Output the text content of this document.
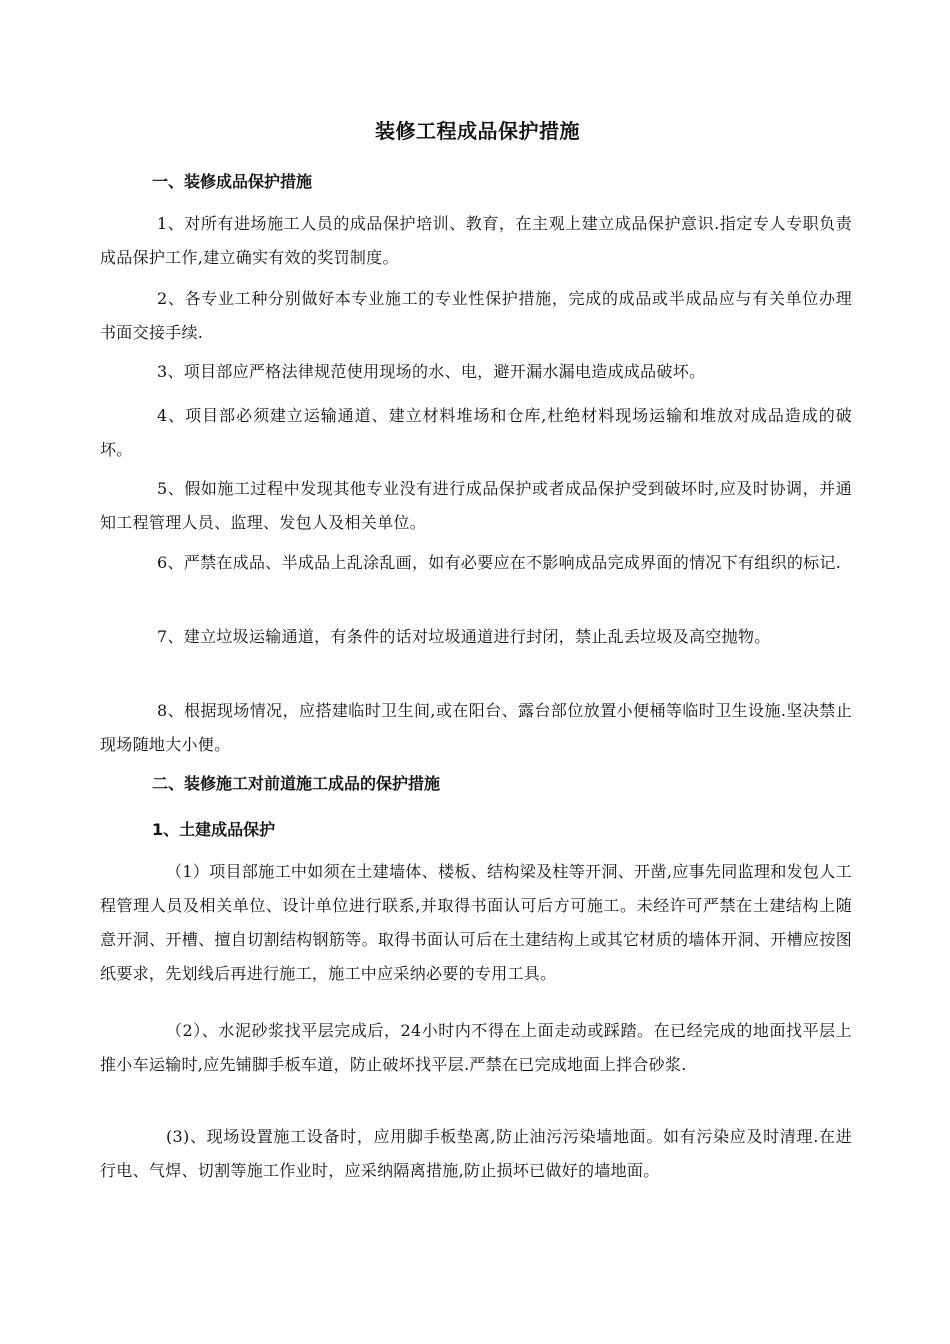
装修工程成品保护措施
一、装修成品保护措施
1、对所有进场施工人员的成品保护培训、教育，在主观上建立成品保护意识.指定专人专职负责成品保护工作,建立确实有效的奖罚制度。
2、各专业工种分别做好本专业施工的专业性保护措施，完成的成品或半成品应与有关单位办理书面交接手续.
3、项目部应严格法律规范使用现场的水、电，避开漏水漏电造成成品破坏。
4、项目部必须建立运输通道、建立材料堆场和仓库,杜绝材料现场运输和堆放对成品造成的破坏。
5、假如施工过程中发现其他专业没有进行成品保护或者成品保护受到破坏时,应及时协调，并通知工程管理人员、监理、发包人及相关单位。
6、严禁在成品、半成品上乱涂乱画，如有必要应在不影响成品完成界面的情况下有组织的标记.
7、建立垃圾运输通道，有条件的话对垃圾通道进行封闭，禁止乱丢垃圾及高空抛物。
8、根据现场情况，应搭建临时卫生间,或在阳台、露台部位放置小便桶等临时卫生设施.坚决禁止现场随地大小便。
二、装修施工对前道施工成品的保护措施
1、土建成品保护
（1）项目部施工中如须在土建墙体、楼板、结构梁及柱等开洞、开凿,应事先同监理和发包人工程管理人员及相关单位、设计单位进行联系,并取得书面认可后方可施工。未经许可严禁在土建结构上随意开洞、开槽、擅自切割结构钢筋等。取得书面认可后在土建结构上或其它材质的墙体开洞、开槽应按图纸要求，先划线后再进行施工，施工中应采纳必要的专用工具。
（2）、水泥砂浆找平层完成后，24小时内不得在上面走动或踩踏。在已经完成的地面找平层上推小车运输时,应先铺脚手板车道，防止破坏找平层.严禁在已完成地面上拌合砂浆.
(3)、现场设置施工设备时，应用脚手板垫离,防止油污污染墙地面。如有污染应及时清理.在进行电、气焊、切割等施工作业时，应采纳隔离措施,防止损坏已做好的墙地面。
